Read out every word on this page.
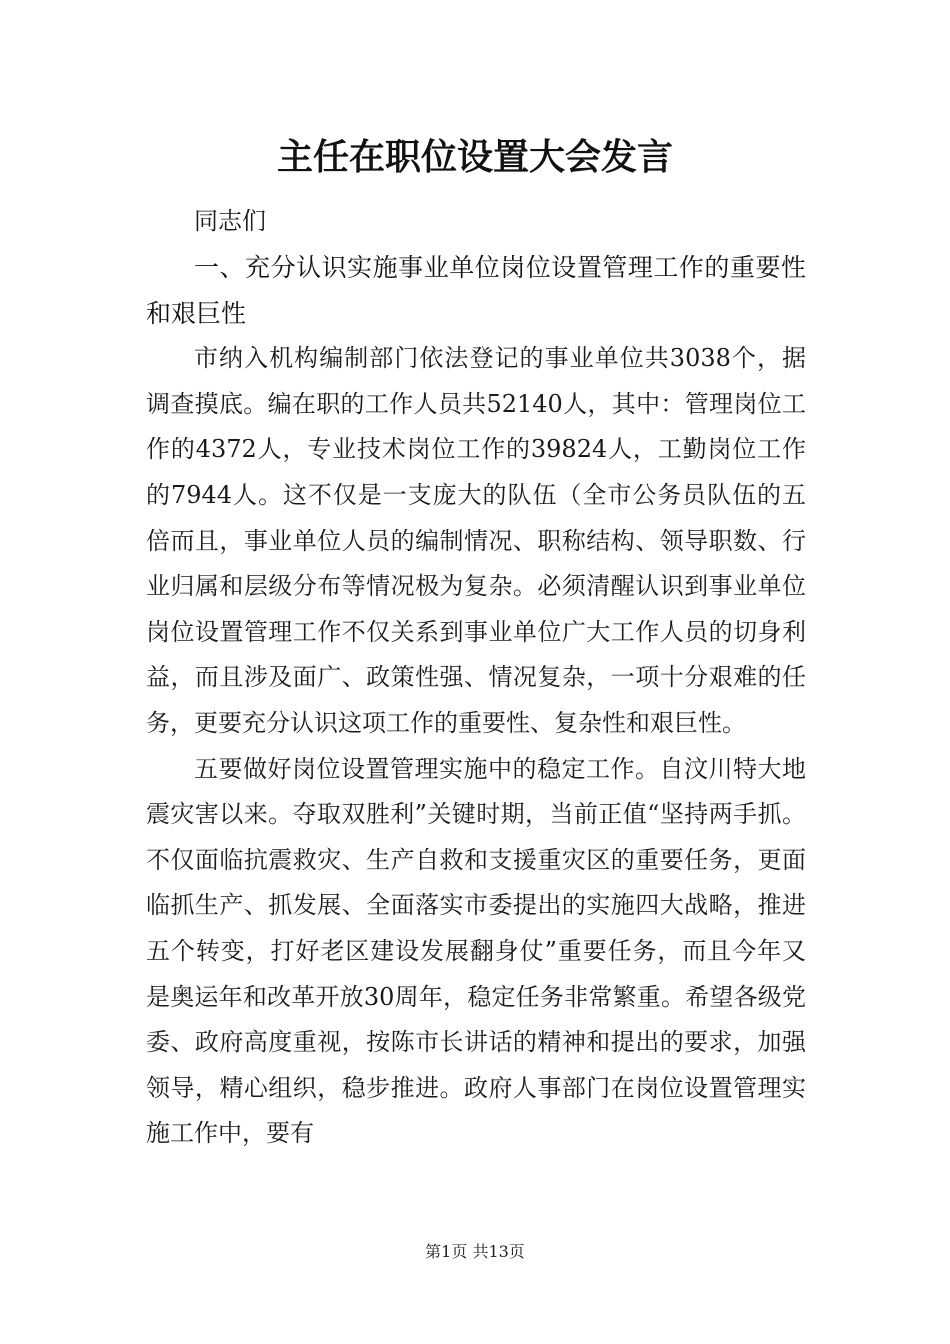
主任在职位设置大会发言

同志们

一、充分认识实施事业单位岗位设置管理工作的重要性和艰巨性

市纳入机构编制部门依法登记的事业单位共3038个，据调查摸底。编在职的工作人员共52140人，其中：管理岗位工作的4372人，专业技术岗位工作的39824人，工勤岗位工作的7944人。这不仅是一支庞大的队伍（全市公务员队伍的五倍而且，事业单位人员的编制情况、职称结构、领导职数、行业归属和层级分布等情况极为复杂。必须清醒认识到事业单位岗位设置管理工作不仅关系到事业单位广大工作人员的切身利益，而且涉及面广、政策性强、情况复杂，一项十分艰难的任务，更要充分认识这项工作的重要性、复杂性和艰巨性。

五要做好岗位设置管理实施中的稳定工作。自汶川特大地震灾害以来。夺取双胜利”关键时期，当前正值“坚持两手抓。不仅面临抗震救灾、生产自救和支援重灾区的重要任务，更面临抓生产、抓发展、全面落实市委提出的实施四大战略，推进五个转变，打好老区建设发展翻身仗”重要任务，而且今年又是奥运年和改革开放30周年，稳定任务非常繁重。希望各级党委、政府高度重视，按陈市长讲话的精神和提出的要求，加强领导，精心组织，稳步推进。政府人事部门在岗位设置管理实施工作中，要有

第1页 共13页
